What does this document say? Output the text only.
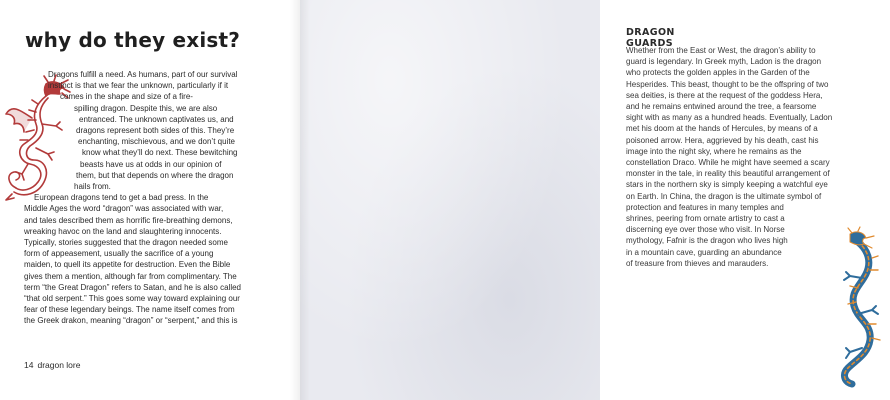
why do they exist?
Dragons fulfill a need. As humans, part of our survival
instinct is that we fear the unknown, particularly if it
comes in the shape and size of a fire-
spilling dragon. Despite this, we are also
entranced. The unknown captivates us, and
dragons represent both sides of this. They’re
enchanting, mischievous, and we don’t quite
know what they’ll do next. These bewitching
beasts have us at odds in our opinion of
them, but that depends on where the dragon
hails from.
European dragons tend to get a bad press. In the
Middle Ages the word “dragon” was associated with war,
and tales described them as horrific fire-breathing demons,
wreaking havoc on the land and slaughtering innocents.
Typically, stories suggested that the dragon needed some
form of appeasement, usually the sacrifice of a young
maiden, to quell its appetite for destruction. Even the Bible
gives them a mention, although far from complimentary. The
term “the Great Dragon” refers to Satan, and he is also called
“that old serpent.” This goes some way toward explaining our
fear of these legendary beings. The name itself comes from
the Greek drakon, meaning “dragon” or “serpent,” and this is
14 dragon lore
DRAGON GUARDS
Whether from the East or West, the dragon’s ability to
guard is legendary. In Greek myth, Ladon is the dragon
who protects the golden apples in the Garden of the
Hesperides. This beast, thought to be the offspring of two
sea deities, is there at the request of the goddess Hera,
and he remains entwined around the tree, a fearsome
sight with as many as a hundred heads. Eventually, Ladon
met his doom at the hands of Hercules, by means of a
poisoned arrow. Hera, aggrieved by his death, cast his
image into the night sky, where he remains as the
constellation Draco. While he might have seemed a scary
monster in the tale, in reality this beautiful arrangement of
stars in the northern sky is simply keeping a watchful eye
on Earth. In China, the dragon is the ultimate symbol of
protection and features in many temples and
shrines, peering from ornate artistry to cast a
discerning eye over those who visit. In Norse
mythology, Fafnir is the dragon who lives high
in a mountain cave, guarding an abundance
of treasure from thieves and marauders.
